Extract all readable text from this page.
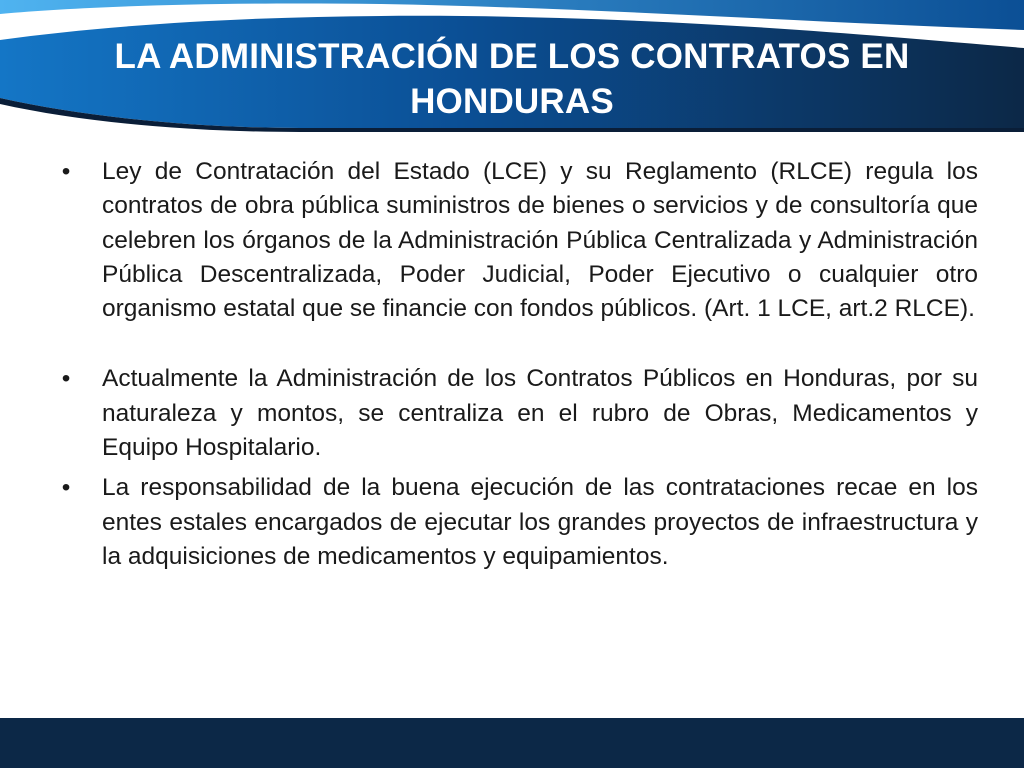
LA ADMINISTRACIÓN DE LOS CONTRATOS EN
HONDURAS

• Ley de Contratación del Estado (LCE) y su Reglamento (RLCE) regula los contratos de obra pública suministros de bienes o servicios y de consultoría que celebren los órganos de la Administración Pública Centralizada y Administración Pública Descentralizada, Poder Judicial, Poder Ejecutivo o cualquier otro organismo estatal que se financie con fondos públicos. (Art. 1 LCE, art.2 RLCE).

• Actualmente la Administración de los Contratos Públicos en Honduras, por su naturaleza y montos, se centraliza en el rubro de Obras, Medicamentos y Equipo Hospitalario.

• La responsabilidad de la buena ejecución de las contrataciones recae en los entes estales encargados de ejecutar los grandes proyectos de infraestructura y la adquisiciones de medicamentos y equipamientos.
